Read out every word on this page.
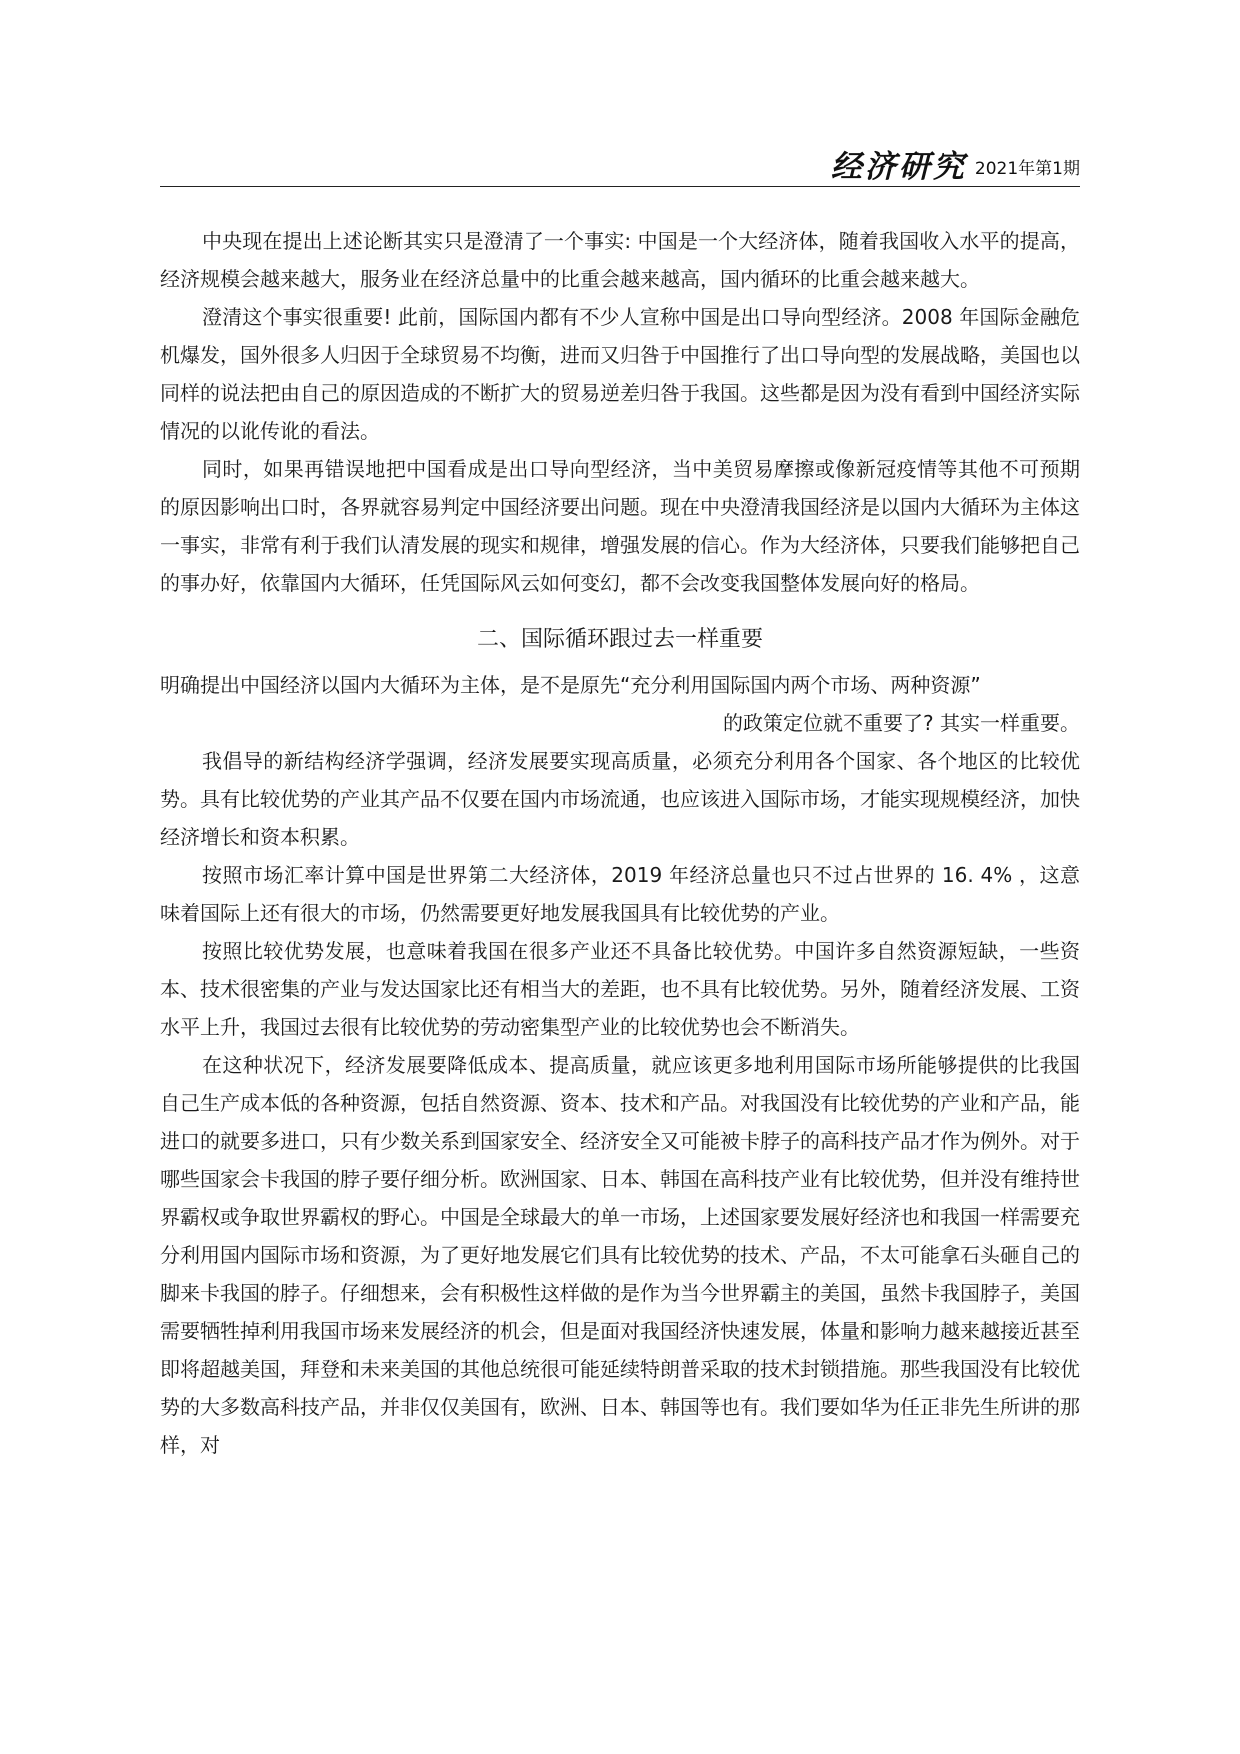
经济研究 2021年第1期

中央现在提出上述论断其实只是澄清了一个事实: 中国是一个大经济体，随着我国收入水平的提高，经济规模会越来越大，服务业在经济总量中的比重会越来越高，国内循环的比重会越来越大。

澄清这个事实很重要! 此前，国际国内都有不少人宣称中国是出口导向型经济。2008 年国际金融危机爆发，国外很多人归因于全球贸易不均衡，进而又归咎于中国推行了出口导向型的发展战略，美国也以同样的说法把由自己的原因造成的不断扩大的贸易逆差归咎于我国。这些都是因为没有看到中国经济实际情况的以讹传讹的看法。

同时，如果再错误地把中国看成是出口导向型经济，当中美贸易摩擦或像新冠疫情等其他不可预期的原因影响出口时，各界就容易判定中国经济要出问题。现在中央澄清我国经济是以国内大循环为主体这一事实，非常有利于我们认清发展的现实和规律，增强发展的信心。作为大经济体，只要我们能够把自己的事办好，依靠国内大循环，任凭国际风云如何变幻，都不会改变我国整体发展向好的格局。

二、国际循环跟过去一样重要

明确提出中国经济以国内大循环为主体，是不是原先“充分利用国际国内两个市场、两种资源”

的政策定位就不重要了? 其实一样重要。

我倡导的新结构经济学强调，经济发展要实现高质量，必须充分利用各个国家、各个地区的比较优势。具有比较优势的产业其产品不仅要在国内市场流通，也应该进入国际市场，才能实现规模经济，加快经济增长和资本积累。

按照市场汇率计算中国是世界第二大经济体，2019 年经济总量也只不过占世界的 16. 4% ，这意味着国际上还有很大的市场，仍然需要更好地发展我国具有比较优势的产业。

按照比较优势发展，也意味着我国在很多产业还不具备比较优势。中国许多自然资源短缺，一些资本、技术很密集的产业与发达国家比还有相当大的差距，也不具有比较优势。另外，随着经济发展、工资水平上升，我国过去很有比较优势的劳动密集型产业的比较优势也会不断消失。

在这种状况下，经济发展要降低成本、提高质量，就应该更多地利用国际市场所能够提供的比我国自己生产成本低的各种资源，包括自然资源、资本、技术和产品。对我国没有比较优势的产业和产品，能进口的就要多进口，只有少数关系到国家安全、经济安全又可能被卡脖子的高科技产品才作为例外。对于哪些国家会卡我国的脖子要仔细分析。欧洲国家、日本、韩国在高科技产业有比较优势，但并没有维持世界霸权或争取世界霸权的野心。中国是全球最大的单一市场，上述国家要发展好经济也和我国一样需要充分利用国内国际市场和资源，为了更好地发展它们具有比较优势的技术、产品，不太可能拿石头砸自己的脚来卡我国的脖子。仔细想来，会有积极性这样做的是作为当今世界霸主的美国，虽然卡我国脖子，美国需要牺牲掉利用我国市场来发展经济的机会，但是面对我国经济快速发展，体量和影响力越来越接近甚至即将超越美国，拜登和未来美国的其他总统很可能延续特朗普采取的技术封锁措施。那些我国没有比较优势的大多数高科技产品，并非仅仅美国有，欧洲、日本、韩国等也有。我们要如华为任正非先生所讲的那样，对
